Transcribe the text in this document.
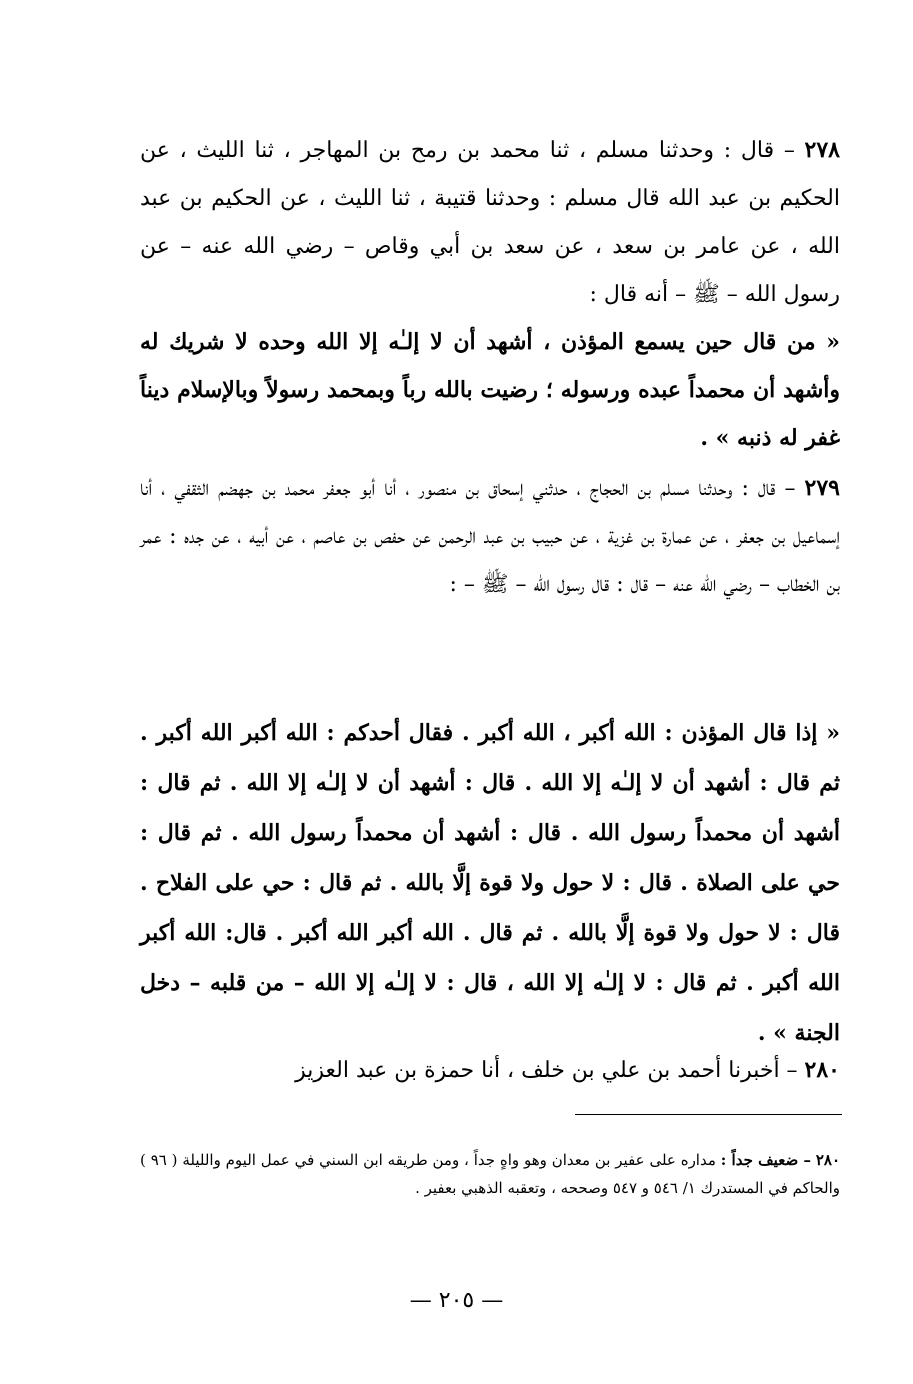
٢٧٨ – قال : وحدثنا مسلم ، ثنا محمد بن رمح بن المهاجر ، ثنا الليث ، عن الحكيم بن عبد الله قال مسلم : وحدثنا قتيبة ، ثنا الليث ، عن الحكيم بن عبد الله ، عن عامر بن سعد ، عن سعد بن أبي وقاص – رضي الله عنه – عن رسول الله – ﷺ – أنه قال :

« من قال حين يسمع المؤذن ، أشهد أن لا إلـٰه إلا الله وحده لا شريك له وأشهد أن محمداً عبده ورسوله ؛ رضيت بالله رباً وبمحمد رسولاً وبالإسلام ديناً غفر له ذنبه » .

٢٧٩ – قال : وحدثنا مسلم بن الحجاج ، حدثني إسحاق بن منصور ، أنا أبو جعفر محمد بن جهضم الثقفي ، أنا إسماعيل بن جعفر ، عن عمارة بن غزية ، عن حبيب بن عبد الرحمن عن حفص بن عاصم ، عن أبيه ، عن جده : عمر بن الخطاب – رضي الله عنه – قال : قال رسول الله – ﷺ – :

« إذا قال المؤذن : الله أكبر ، الله أكبر . فقال أحدكم : الله أكبر الله أكبر . ثم قال : أشهد أن لا إلـٰه إلا الله . قال : أشهد أن لا إلـٰه إلا الله . ثم قال : أشهد أن محمداً رسول الله . قال : أشهد أن محمداً رسول الله . ثم قال : حي على الصلاة . قال : لا حول ولا قوة إلَّا بالله . ثم قال : حي على الفلاح . قال : لا حول ولا قوة إلَّا بالله . ثم قال . الله أكبر الله أكبر . قال: الله أكبر الله أكبر . ثم قال : لا إلـٰه إلا الله ، قال : لا إلـٰه إلا الله – من قلبه – دخل الجنة » .

٢٨٠ – أخبرنا أحمد بن علي بن خلف ، أنا حمزة بن عبد العزيز

٢٨٠ – ضعيف جداً : مداره على عفير بن معدان وهو واهٍ جداً ، ومن طريقه ابن السني في عمل اليوم والليلة ( ٩٦ ) والحاكم في المستدرك ١/ ٥٤٦ و ٥٤٧ وصححه ، وتعقبه الذهبي بعفير .
— ٢٠٥ —
